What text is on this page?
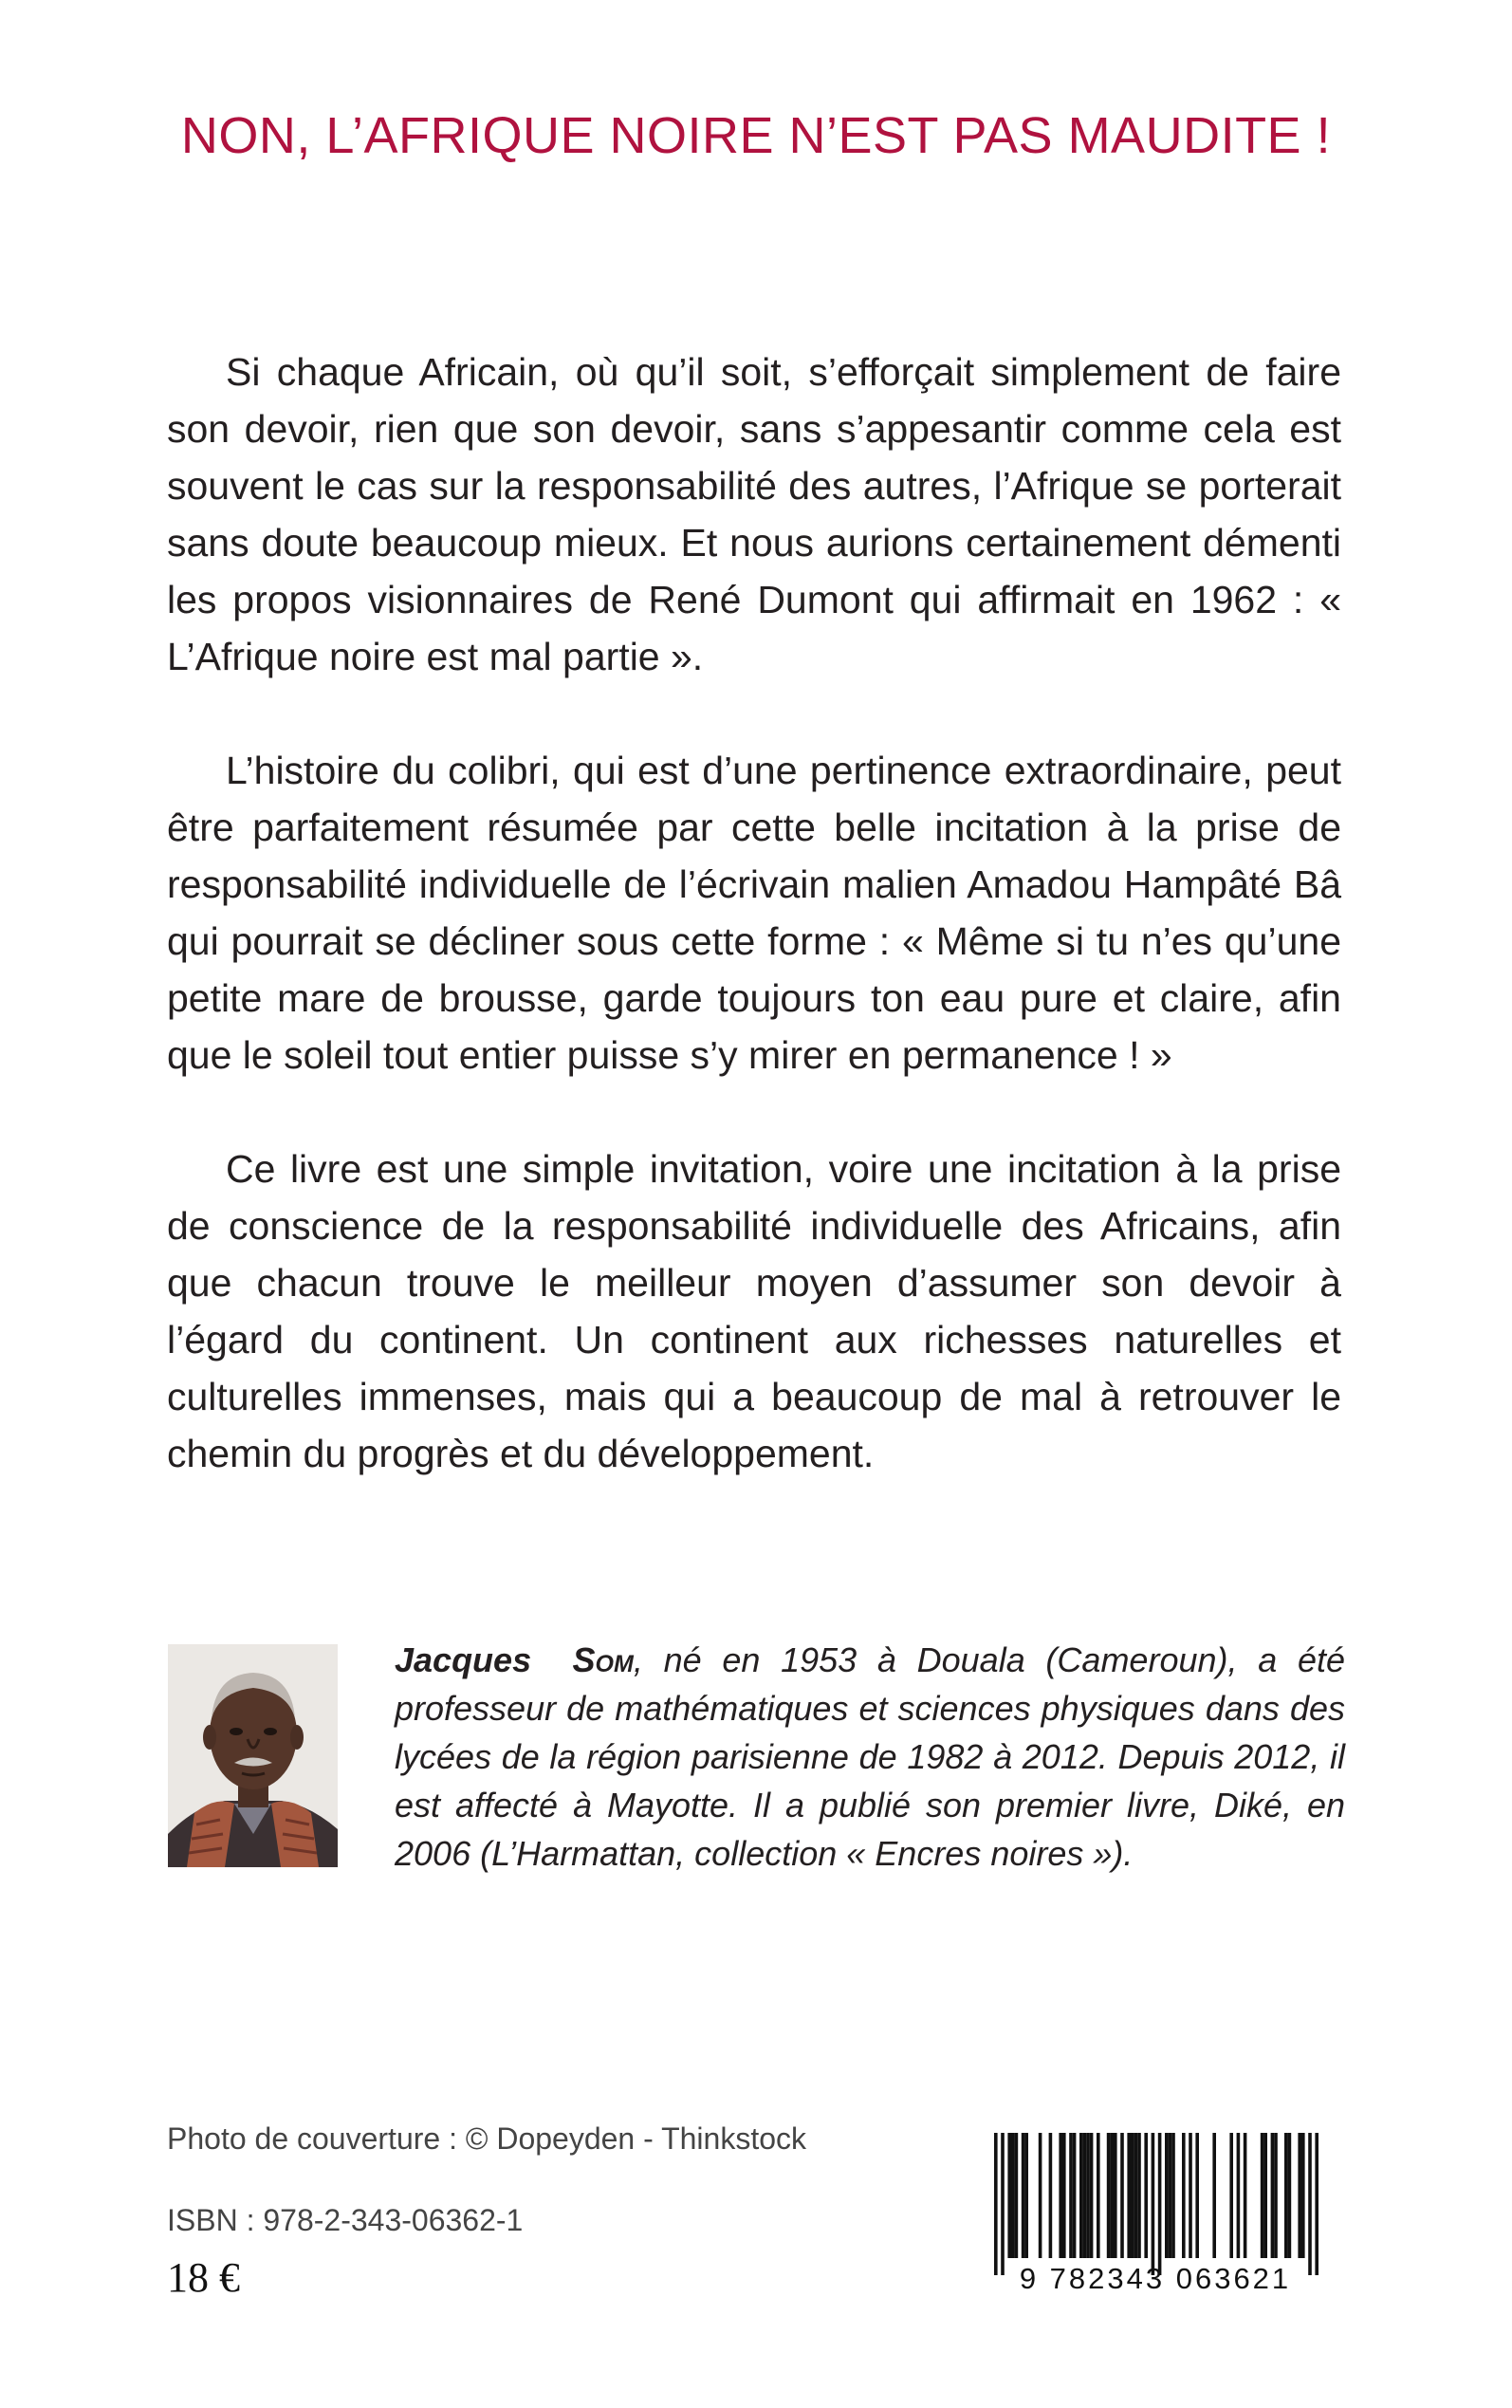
NON, L’AFRIQUE NOIRE N’EST PAS MAUDITE !

Si chaque Africain, où qu’il soit, s’efforçait simplement de faire son devoir, rien que son devoir, sans s’appesantir comme cela est souvent le cas sur la responsabilité des autres, l’Afrique se porterait sans doute beaucoup mieux. Et nous aurions certainement démenti les propos visionnaires de René Dumont qui affirmait en 1962 : « L’Afrique noire est mal partie ».

L’histoire du colibri, qui est d’une pertinence extraordinaire, peut être parfaitement résumée par cette belle incitation à la prise de responsabilité individuelle de l’écrivain malien Amadou Hampâté Bâ qui pourrait se décliner sous cette forme : « Même si tu n’es qu’une petite mare de brousse, garde toujours ton eau pure et claire, afin que le soleil tout entier puisse s’y mirer en permanence ! »

Ce livre est une simple invitation, voire une incitation à la prise de conscience de la responsabilité individuelle des Africains, afin que chacun trouve le meilleur moyen d’assumer son devoir à l’égard du continent. Un continent aux richesses naturelles et culturelles immenses, mais qui a beaucoup de mal à retrouver le chemin du progrès et du développement.

Jacques Som, né en 1953 à Douala (Cameroun), a été professeur de mathématiques et sciences physiques dans des lycées de la région parisienne de 1982 à 2012. Depuis 2012, il est affecté à Mayotte. Il a publié son premier livre, Diké, en 2006 (L’Harmattan, collection « Encres noires »).

Photo de couverture : © Dopeyden - Thinkstock

ISBN : 978-2-343-06362-1

18 €	9 782343 063621
